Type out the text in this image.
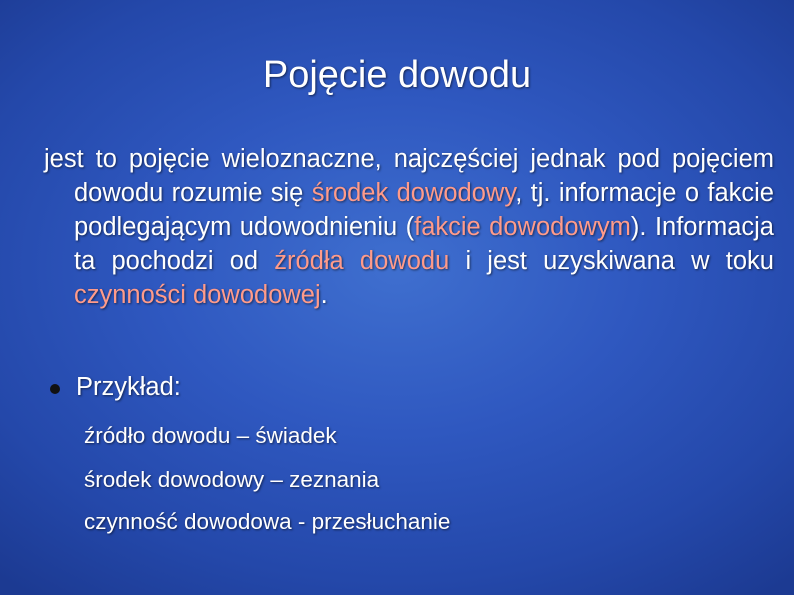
Pojęcie dowodu
jest to pojęcie wieloznaczne, najczęściej jednak pod pojęciem dowodu rozumie się środek dowodowy, tj. informacje o fakcie podlegającym udowodnieniu (fakcie dowodowym). Informacja ta pochodzi od źródła dowodu i jest uzyskiwana w toku czynności dowodowej.
Przykład:
źródło dowodu – świadek
środek dowodowy – zeznania
czynność dowodowa - przesłuchanie
